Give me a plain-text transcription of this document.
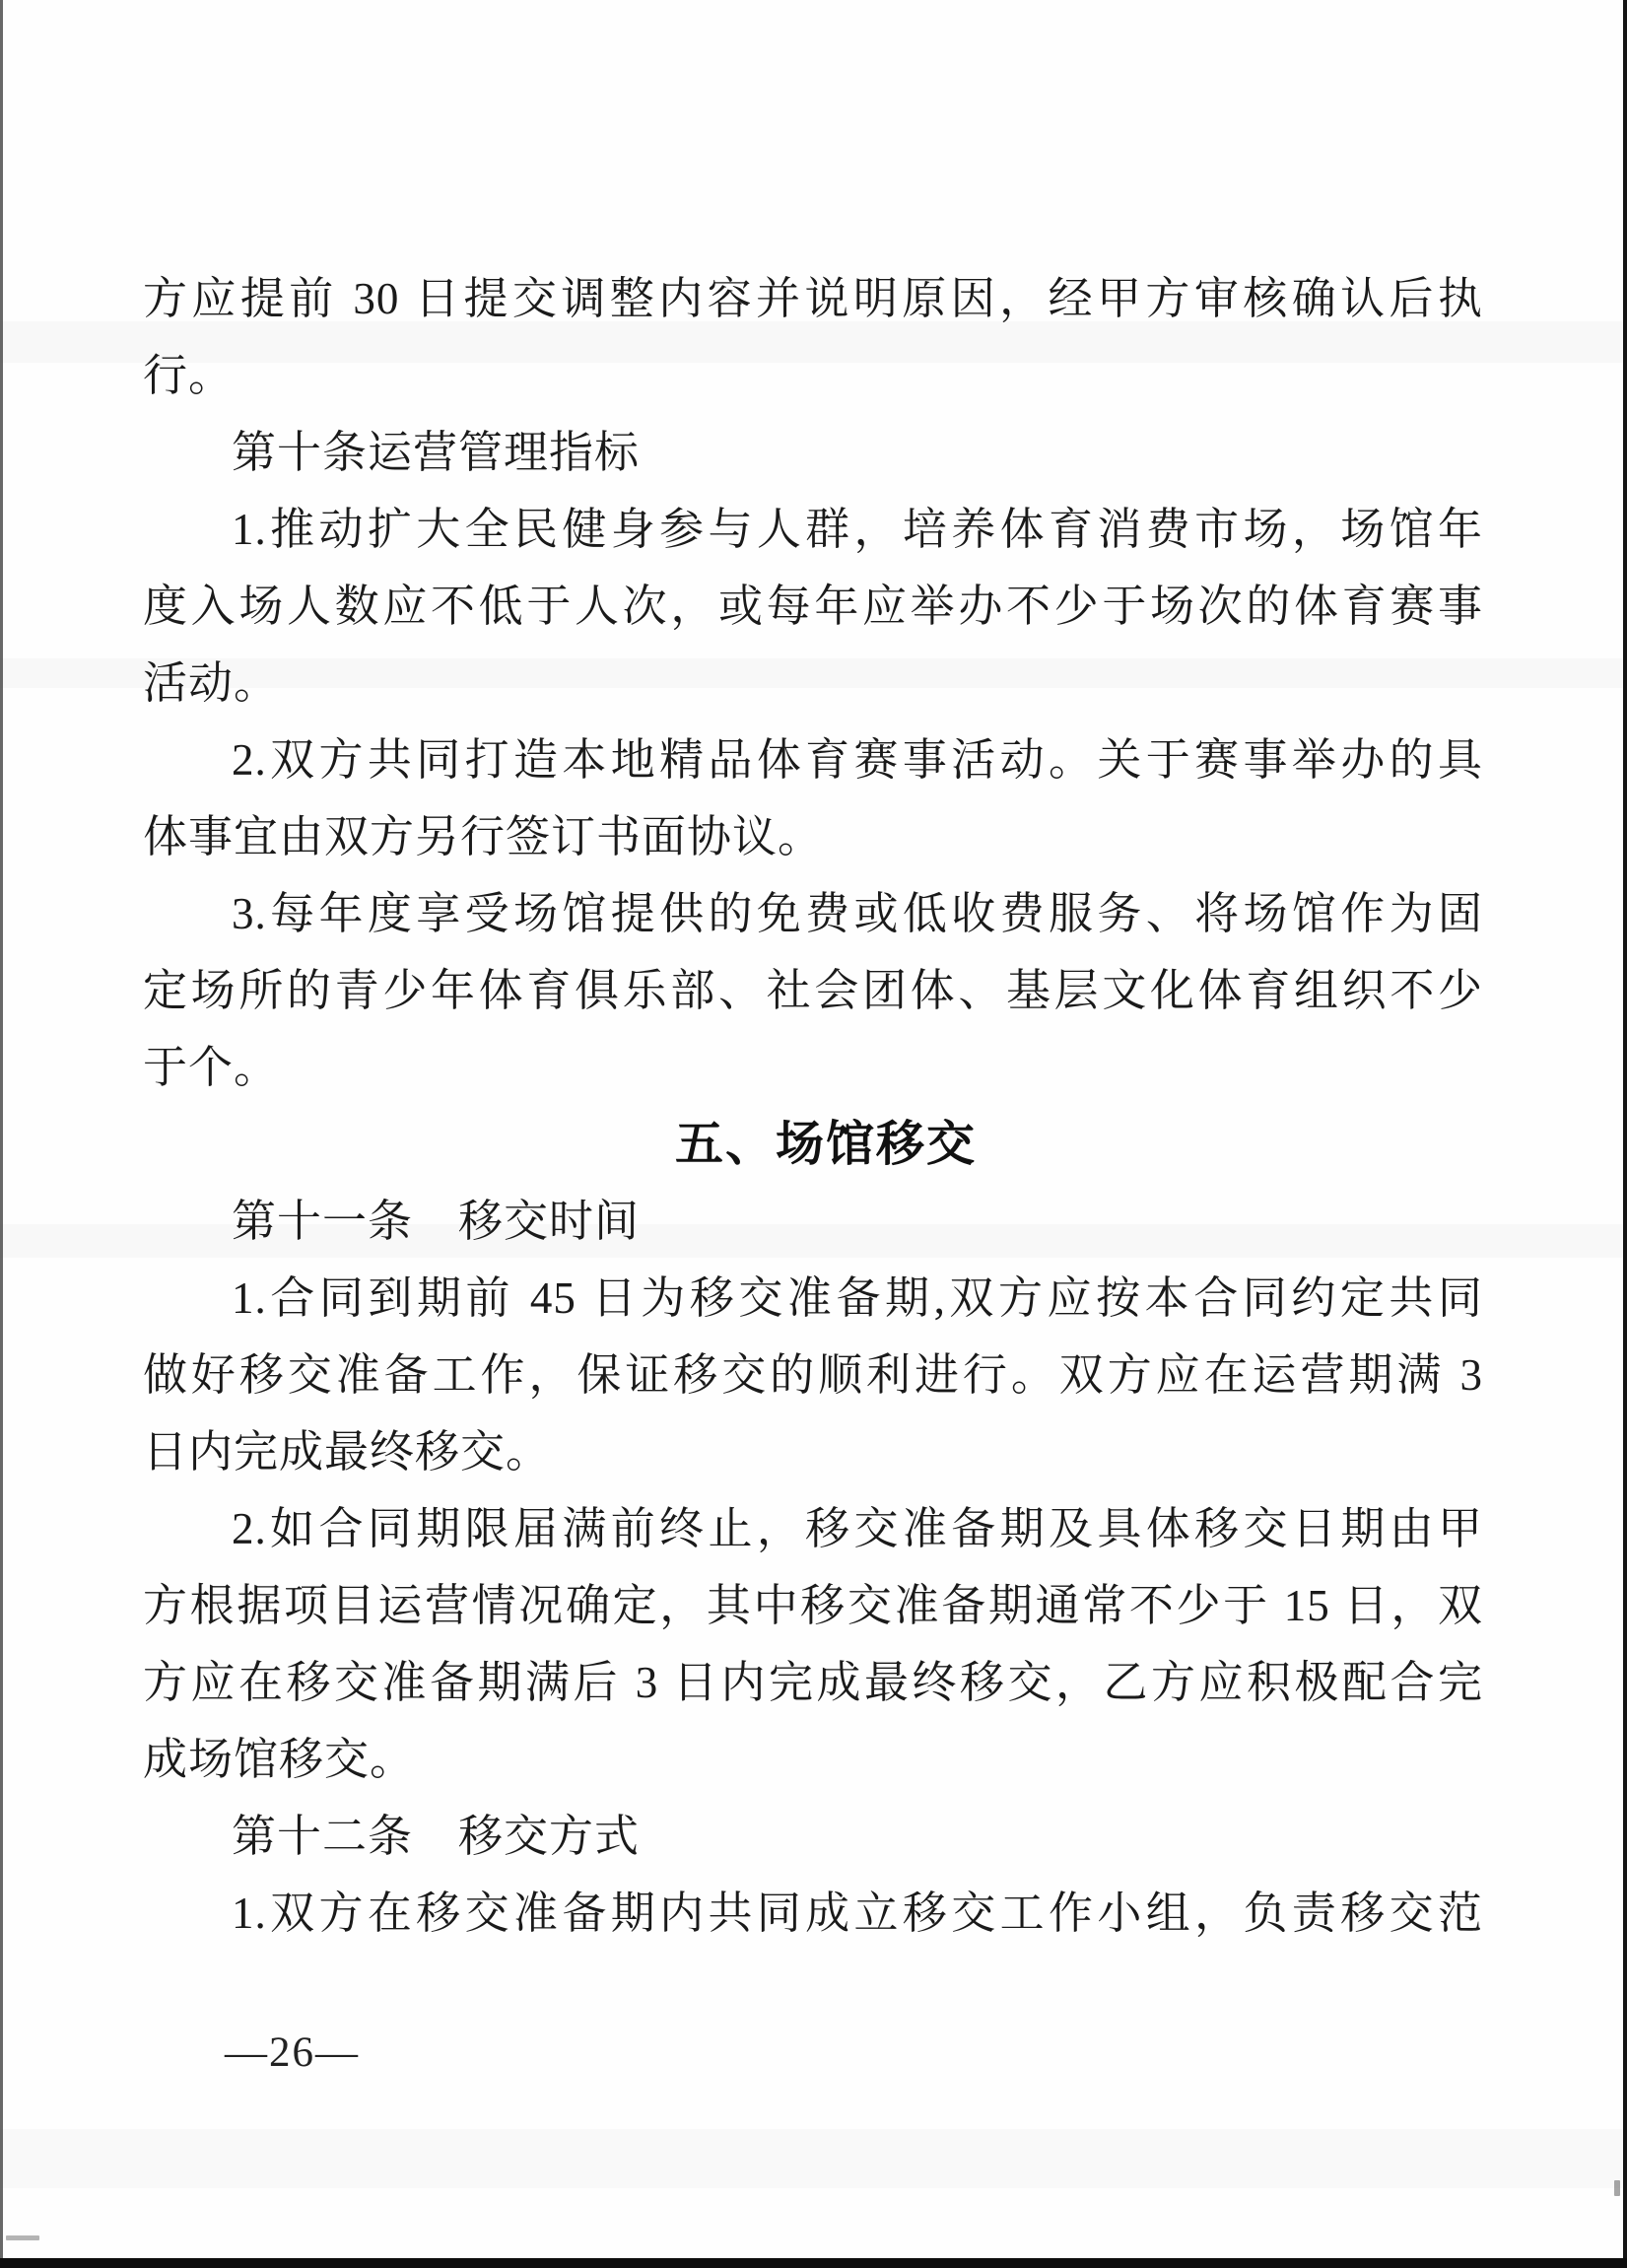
方应提前 30 日提交调整内容并说明原因，经甲方审核确认后执
行。
第十条运营管理指标
1.推动扩大全民健身参与人群，培养体育消费市场，场馆年
度入场人数应不低于人次，或每年应举办不少于场次的体育赛事
活动。
2.双方共同打造本地精品体育赛事活动。关于赛事举办的具
体事宜由双方另行签订书面协议。
3.每年度享受场馆提供的免费或低收费服务、将场馆作为固
定场所的青少年体育俱乐部、社会团体、基层文化体育组织不少
于个。
五、场馆移交
第十一条　移交时间
1.合同到期前 45 日为移交准备期,双方应按本合同约定共同
做好移交准备工作，保证移交的顺利进行。双方应在运营期满 3
日内完成最终移交。
2.如合同期限届满前终止，移交准备期及具体移交日期由甲
方根据项目运营情况确定，其中移交准备期通常不少于 15 日，双
方应在移交准备期满后 3 日内完成最终移交，乙方应积极配合完
成场馆移交。
第十二条　移交方式
1.双方在移交准备期内共同成立移交工作小组，负责移交范
—26—
